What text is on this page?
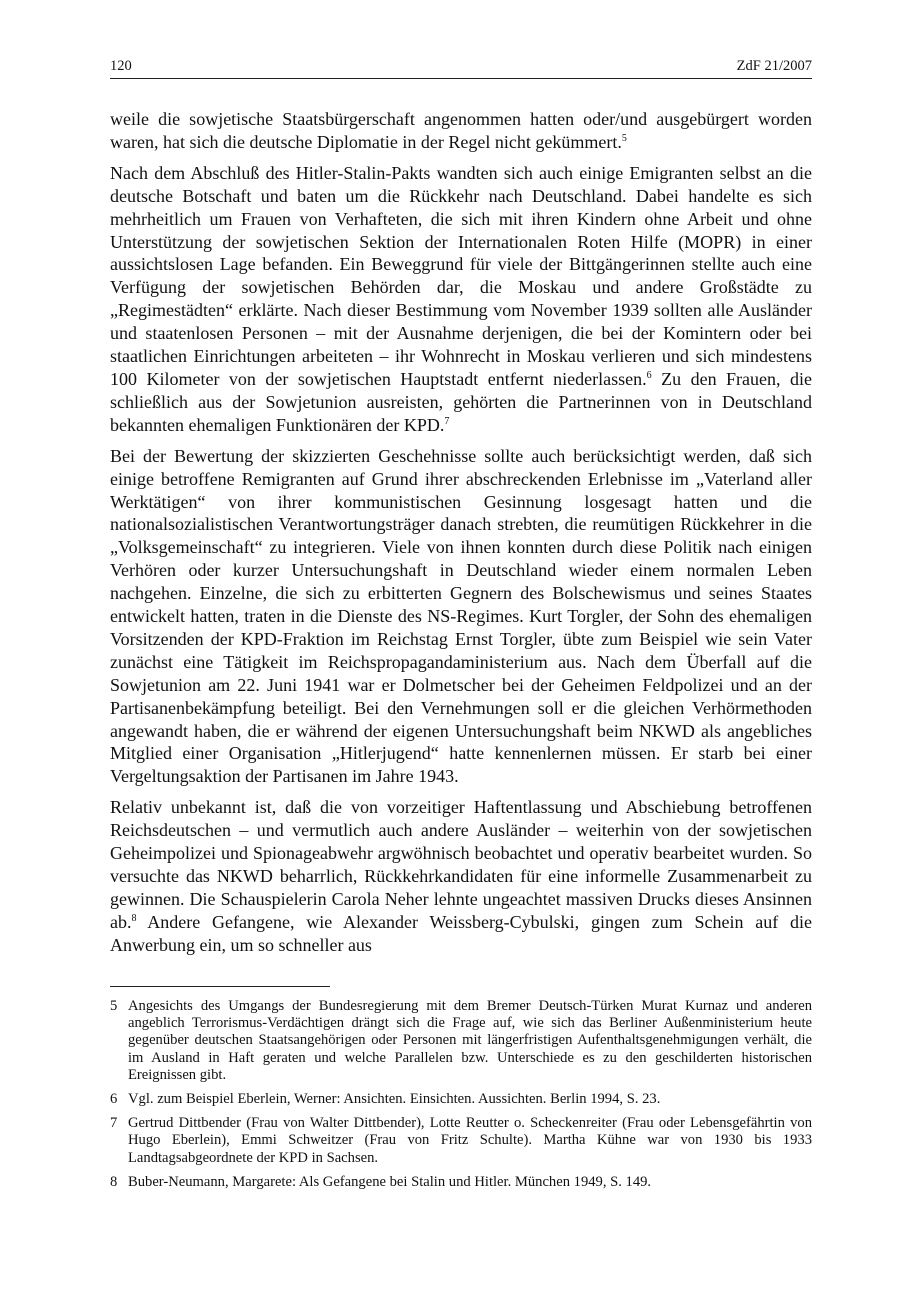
120	ZdF 21/2007

weile die sowjetische Staatsbürgerschaft angenommen hatten oder/und ausgebürgert worden waren, hat sich die deutsche Diplomatie in der Regel nicht gekümmert.$^5$

Nach dem Abschluß des Hitler-Stalin-Pakts wandten sich auch einige Emigranten selbst an die deutsche Botschaft und baten um die Rückkehr nach Deutschland. Dabei handelte es sich mehrheitlich um Frauen von Verhafteten, die sich mit ihren Kindern ohne Arbeit und ohne Unterstützung der sowjetischen Sektion der Internationalen Roten Hilfe (MOPR) in einer aussichtslosen Lage befanden. Ein Beweggrund für viele der Bittgängerinnen stellte auch eine Verfügung der sowjetischen Behörden dar, die Moskau und andere Großstädte zu „Regimestädten“ erklärte. Nach dieser Bestimmung vom November 1939 sollten alle Ausländer und staatenlosen Personen – mit der Ausnahme derjenigen, die bei der Komintern oder bei staatlichen Einrichtungen arbeiteten – ihr Wohnrecht in Moskau verlieren und sich mindestens 100 Kilometer von der sowjetischen Hauptstadt entfernt niederlassen.$^6$ Zu den Frauen, die schließlich aus der Sowjetunion ausreisten, gehörten die Partnerinnen von in Deutschland bekannten ehemaligen Funktionären der KPD.$^7$

Bei der Bewertung der skizzierten Geschehnisse sollte auch berücksichtigt werden, daß sich einige betroffene Remigranten auf Grund ihrer abschreckenden Erlebnisse im „Vaterland aller Werktätigen“ von ihrer kommunistischen Gesinnung losgesagt hatten und die nationalsozialistischen Verantwortungsträger danach strebten, die reumütigen Rückkehrer in die „Volksgemeinschaft“ zu integrieren. Viele von ihnen konnten durch diese Politik nach einigen Verhören oder kurzer Untersuchungshaft in Deutschland wieder einem normalen Leben nachgehen. Einzelne, die sich zu erbitterten Gegnern des Bolschewismus und seines Staates entwickelt hatten, traten in die Dienste des NS-Regimes. Kurt Torgler, der Sohn des ehemaligen Vorsitzenden der KPD-Fraktion im Reichstag Ernst Torgler, übte zum Beispiel wie sein Vater zunächst eine Tätigkeit im Reichspropagandaministerium aus. Nach dem Überfall auf die Sowjetunion am 22. Juni 1941 war er Dolmetscher bei der Geheimen Feldpolizei und an der Partisanenbekämpfung beteiligt. Bei den Vernehmungen soll er die gleichen Verhörmethoden angewandt haben, die er während der eigenen Untersuchungshaft beim NKWD als angebliches Mitglied einer Organisation „Hitlerjugend“ hatte kennenlernen müssen. Er starb bei einer Vergeltungsaktion der Partisanen im Jahre 1943.

Relativ unbekannt ist, daß die von vorzeitiger Haftentlassung und Abschiebung betroffenen Reichsdeutschen – und vermutlich auch andere Ausländer – weiterhin von der sowjetischen Geheimpolizei und Spionageabwehr argwöhnisch beobachtet und operativ bearbeitet wurden. So versuchte das NKWD beharrlich, Rückkehrkandidaten für eine informelle Zusammenarbeit zu gewinnen. Die Schauspielerin Carola Neher lehnte ungeachtet massiven Drucks dieses Ansinnen ab.$^8$ Andere Gefangene, wie Alexander Weissberg-Cybulski, gingen zum Schein auf die Anwerbung ein, um so schneller aus

5 Angesichts des Umgangs der Bundesregierung mit dem Bremer Deutsch-Türken Murat Kurnaz und anderen angeblich Terrorismus-Verdächtigen drängt sich die Frage auf, wie sich das Berliner Außenministerium heute gegenüber deutschen Staatsangehörigen oder Personen mit längerfristigen Aufenthaltsgenehmigungen verhält, die im Ausland in Haft geraten und welche Parallelen bzw. Unterschiede es zu den geschilderten historischen Ereignissen gibt.
6 Vgl. zum Beispiel Eberlein, Werner: Ansichten. Einsichten. Aussichten. Berlin 1994, S. 23.
7 Gertrud Dittbender (Frau von Walter Dittbender), Lotte Reutter o. Scheckenreiter (Frau oder Lebensgefährtin von Hugo Eberlein), Emmi Schweitzer (Frau von Fritz Schulte). Martha Kühne war von 1930 bis 1933 Landtagsabgeordnete der KPD in Sachsen.
8 Buber-Neumann, Margarete: Als Gefangene bei Stalin und Hitler. München 1949, S. 149.
